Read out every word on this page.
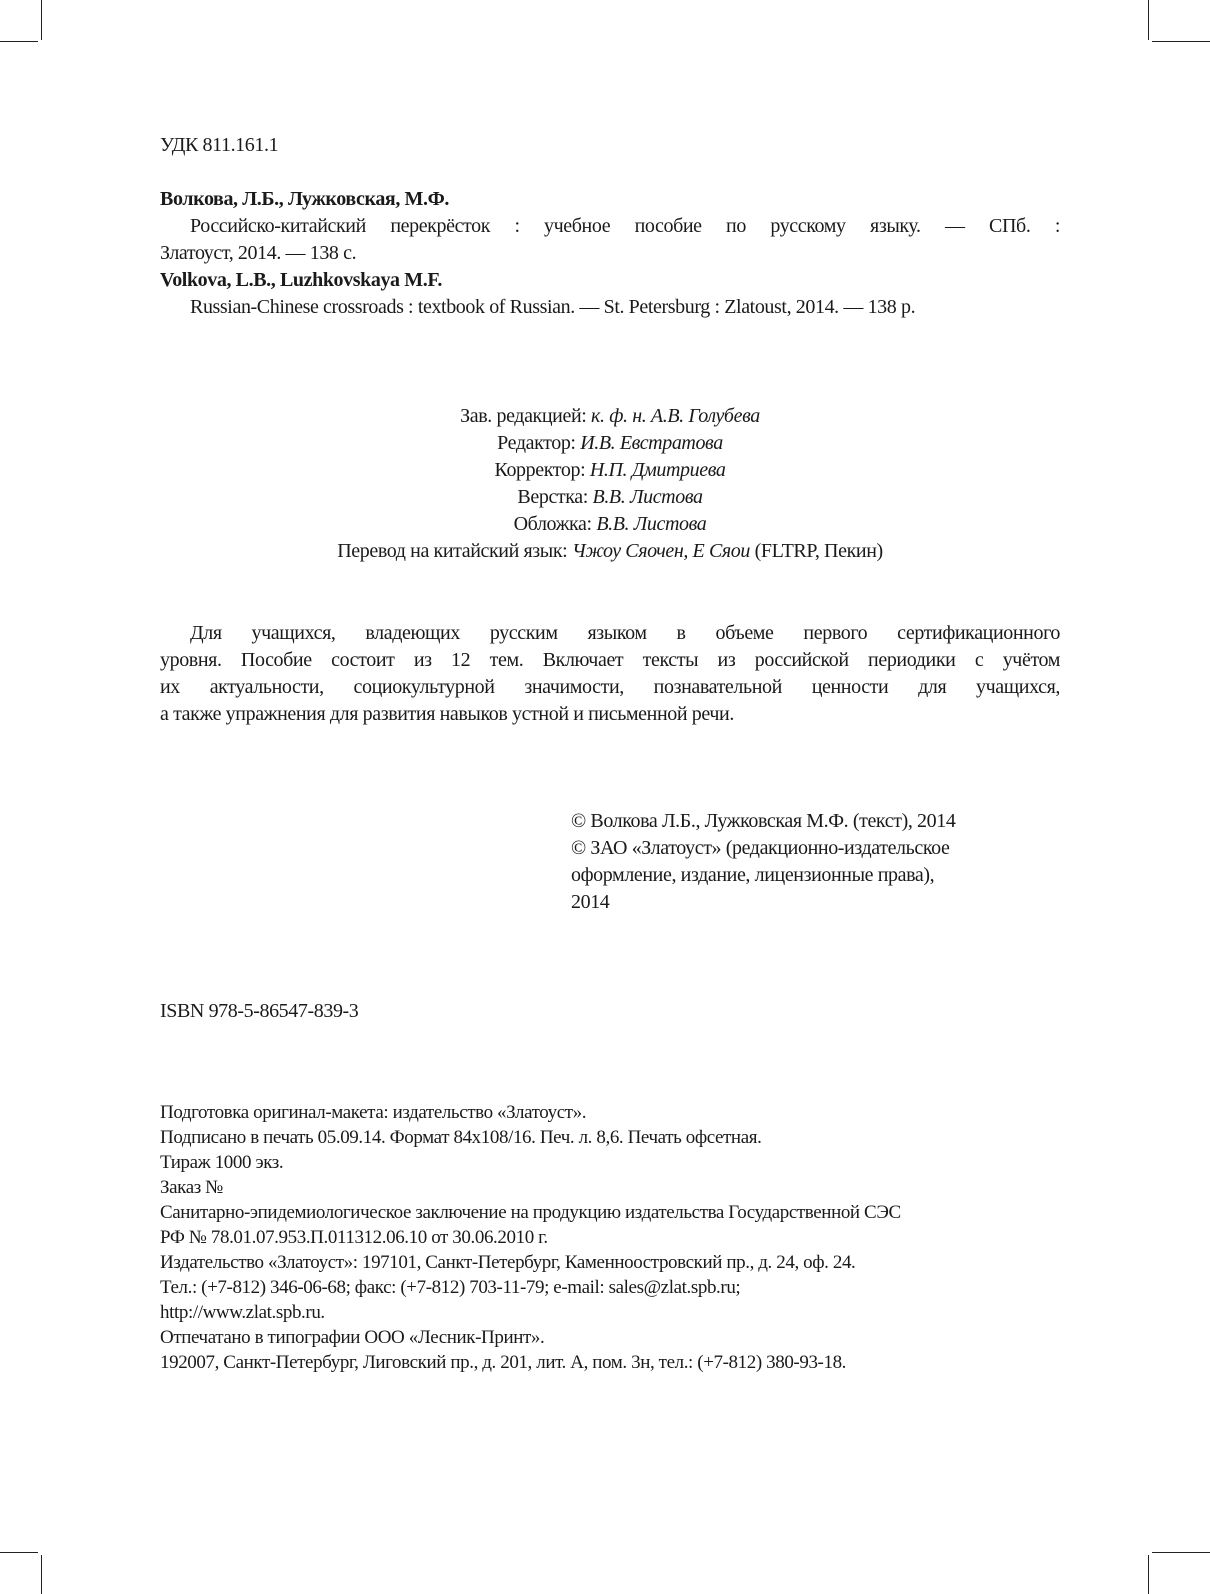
УДК 811.161.1
Волкова, Л.Б., Лужковская, М.Ф.
Российско-китайский перекрёсток : учебное пособие по русскому языку. — СПб. :
Златоуст, 2014. — 138 с.
Volkova, L.B., Luzhkovskaya M.F.
Russian-Chinese crossroads : textbook of Russian. — St. Petersburg : Zlatoust, 2014. — 138 p.
Зав. редакцией: к. ф. н. А.В. Голубева
Редактор: И.В. Евстратова
Корректор: Н.П. Дмитриева
Верстка: В.В. Листова
Обложка: В.В. Листова
Перевод на китайский язык: Чжоу Сяочен, Е Сяои (FLTRP, Пекин)
Для учащихся, владеющих русским языком в объеме первого сертификационного
уровня. Пособие состоит из 12 тем. Включает тексты из российской периодики с учётом
их актуальности, социокультурной значимости, познавательной ценности для учащихся,
а также упражнения для развития навыков устной и письменной речи.
© Волкова Л.Б., Лужковская М.Ф. (текст), 2014
© ЗАО «Златоуст» (редакционно-издательское
оформление, издание, лицензионные права),
2014
ISBN 978-5-86547-839-3
Подготовка оригинал-макета: издательство «Златоуст».
Подписано в печать 05.09.14. Формат 84x108/16. Печ. л. 8,6. Печать офсетная.
Тираж 1000 экз.
Заказ №
Санитарно-эпидемиологическое заключение на продукцию издательства Государственной СЭС
РФ № 78.01.07.953.П.011312.06.10 от 30.06.2010 г.
Издательство «Златоуст»: 197101, Санкт-Петербург, Каменноостровский пр., д. 24, оф. 24.
Тел.: (+7-812) 346-06-68; факс: (+7-812) 703-11-79; e-mail: sales@zlat.spb.ru;
http://www.zlat.spb.ru.
Отпечатано в типографии ООО «Лесник-Принт».
192007, Санкт-Петербург, Лиговский пр., д. 201, лит. А, пом. 3н, тел.: (+7-812) 380-93-18.
